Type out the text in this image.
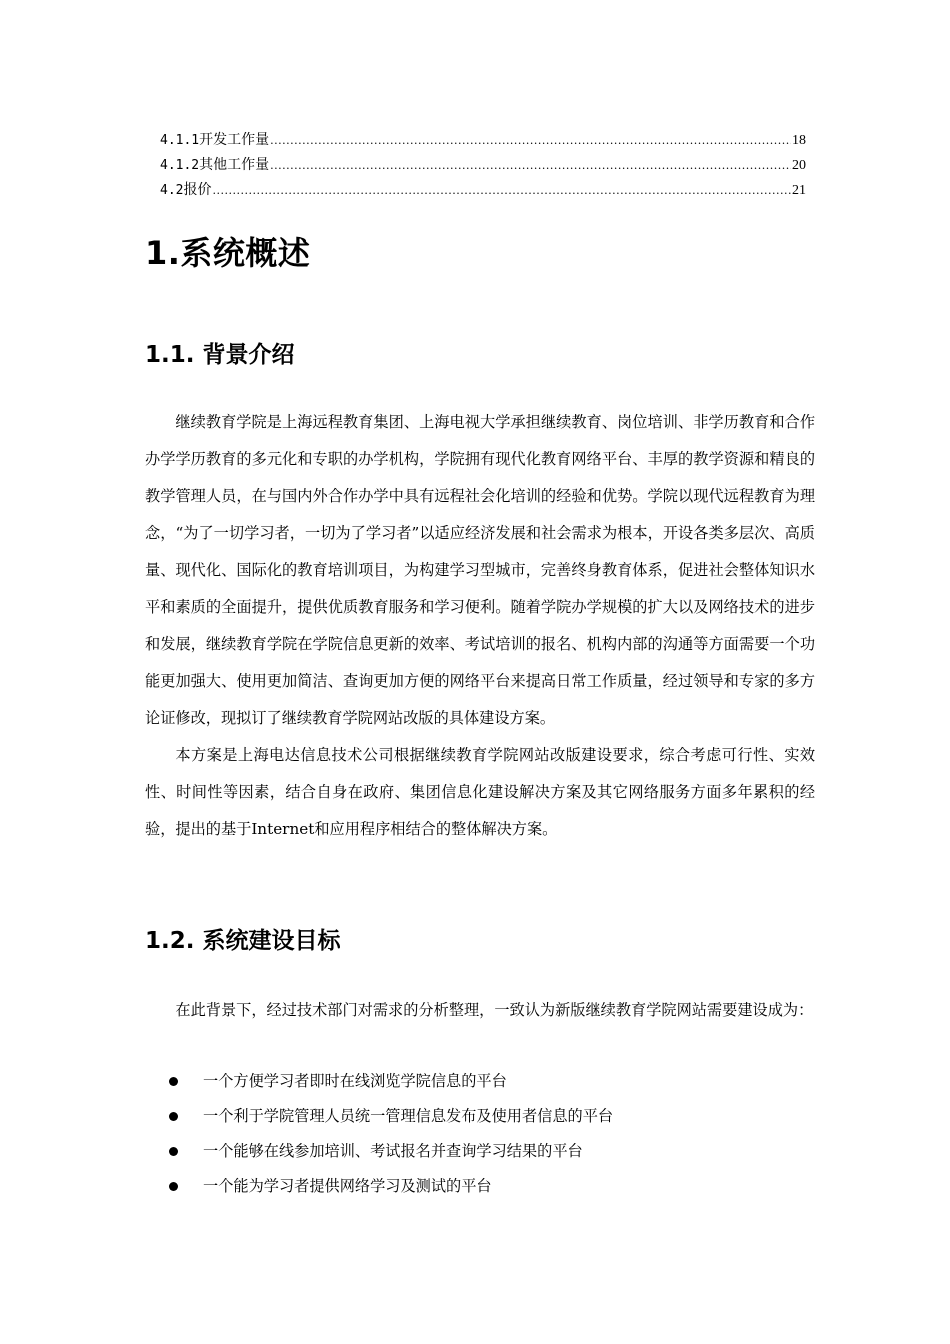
4.1.1开发工作量 .....	18
4.1.2其他工作量 .....	20
4.2报价 .....	21
1.系统概述
1.1. 背景介绍

继续教育学院是上海远程教育集团、上海电视大学承担继续教育、岗位培训、非学历教育和合作办学学历教育的多元化和专职的办学机构，学院拥有现代化教育网络平台、丰厚的教学资源和精良的教学管理人员，在与国内外合作办学中具有远程社会化培训的经验和优势。学院以现代远程教育为理念，“为了一切学习者，一切为了学习者”以适应经济发展和社会需求为根本，开设各类多层次、高质量、现代化、国际化的教育培训项目，为构建学习型城市，完善终身教育体系，促进社会整体知识水平和素质的全面提升，提供优质教育服务和学习便利。随着学院办学规模的扩大以及网络技术的进步和发展，继续教育学院在学院信息更新的效率、考试培训的报名、机构内部的沟通等方面需要一个功能更加强大、使用更加简洁、查询更加方便的网络平台来提高日常工作质量，经过领导和专家的多方论证修改，现拟订了继续教育学院网站改版的具体建设方案。

本方案是上海电达信息技术公司根据继续教育学院网站改版建设要求，综合考虑可行性、实效性、时间性等因素，结合自身在政府、集团信息化建设解决方案及其它网络服务方面多年累积的经验，提出的基于Internet和应用程序相结合的整体解决方案。

1.2. 系统建设目标

在此背景下，经过技术部门对需求的分析整理，一致认为新版继续教育学院网站需要建设成为：

一个方便学习者即时在线浏览学院信息的平台
一个利于学院管理人员统一管理信息发布及使用者信息的平台
一个能够在线参加培训、考试报名并查询学习结果的平台
一个能为学习者提供网络学习及测试的平台
